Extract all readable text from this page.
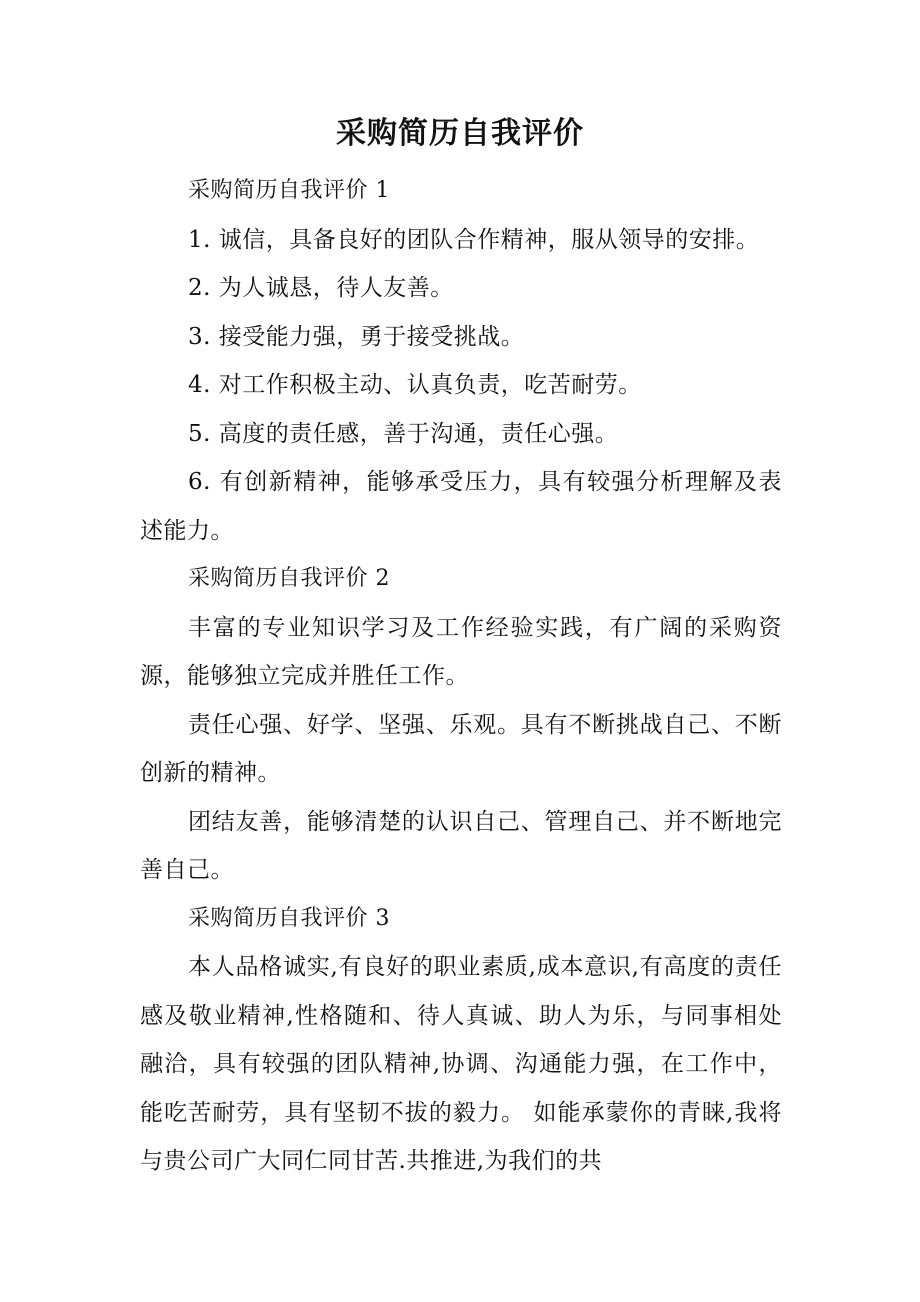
采购简历自我评价

采购简历自我评价 1

1. 诚信，具备良好的团队合作精神，服从领导的安排。

2. 为人诚恳，待人友善。

3. 接受能力强，勇于接受挑战。

4. 对工作积极主动、认真负责，吃苦耐劳。

5. 高度的责任感，善于沟通，责任心强。

6. 有创新精神，能够承受压力，具有较强分析理解及表述能力。

采购简历自我评价 2

丰富的专业知识学习及工作经验实践，有广阔的采购资源，能够独立完成并胜任工作。

责任心强、好学、坚强、乐观。具有不断挑战自己、不断创新的精神。

团结友善，能够清楚的认识自己、管理自己、并不断地完善自己。

采购简历自我评价 3

本人品格诚实,有良好的职业素质,成本意识,有高度的责任感及敬业精神,性格随和、待人真诚、助人为乐，与同事相处融洽，具有较强的团队精神,协调、沟通能力强，在工作中，能吃苦耐劳，具有坚韧不拔的毅力。 如能承蒙你的青睐,我将与贵公司广大同仁同甘苦.共推进,为我们的共
